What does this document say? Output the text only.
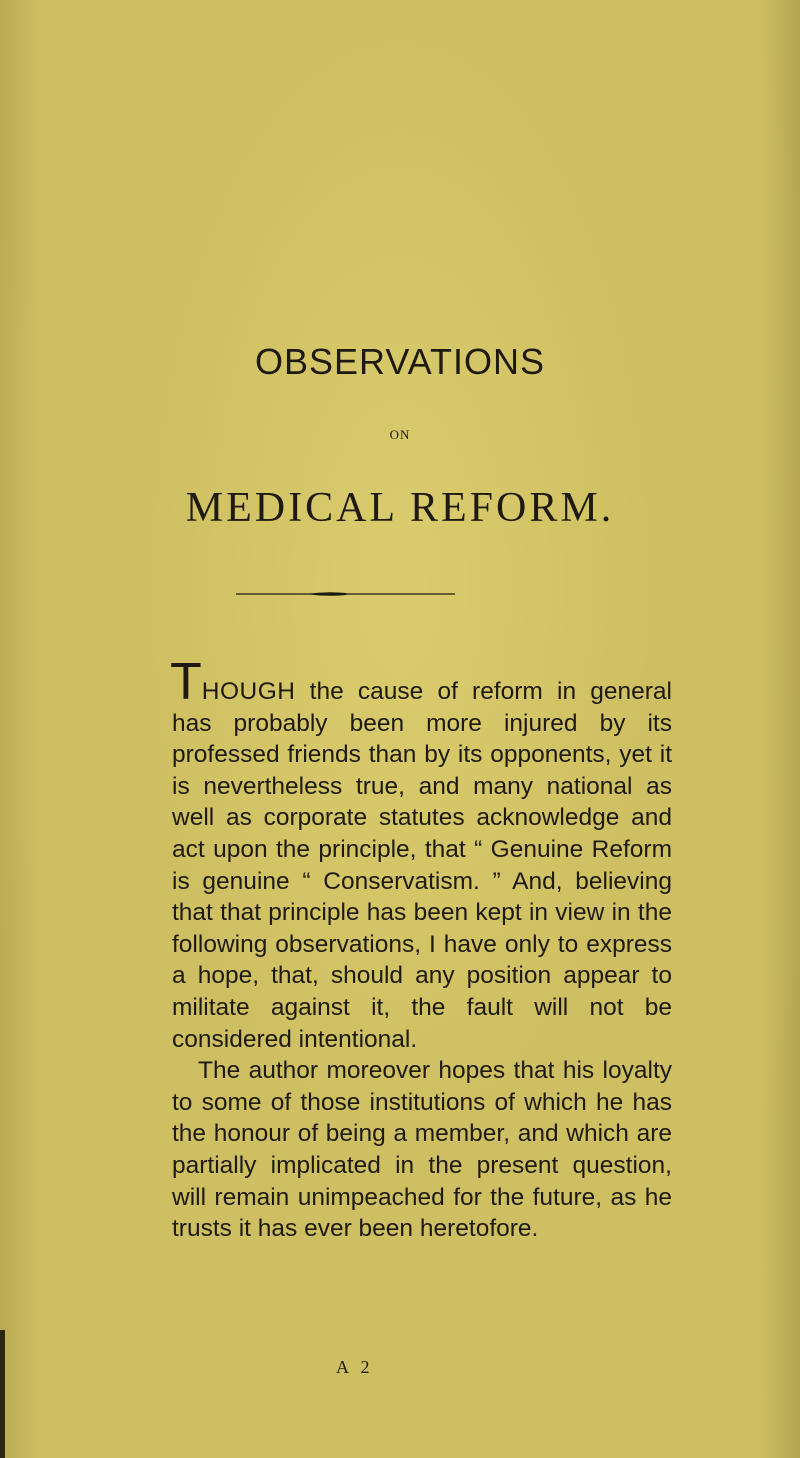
OBSERVATIONS
ON
MEDICAL REFORM.

THOUGH the cause of reform in general has probably been more injured by its professed friends than by its opponents, yet it is nevertheless true, and many national as well as corporate statutes acknowledge and act upon the principle, that “ Genuine Reform is genuine “ Conservatism. ” And, believing that that principle has been kept in view in the following observations, I have only to express a hope, that, should any position appear to militate against it, the fault will not be considered intentional.

The author moreover hopes that his loyalty to some of those institutions of which he has the honour of being a member, and which are partially implicated in the present question, will remain unimpeached for the future, as he trusts it has ever been heretofore.

A 2
